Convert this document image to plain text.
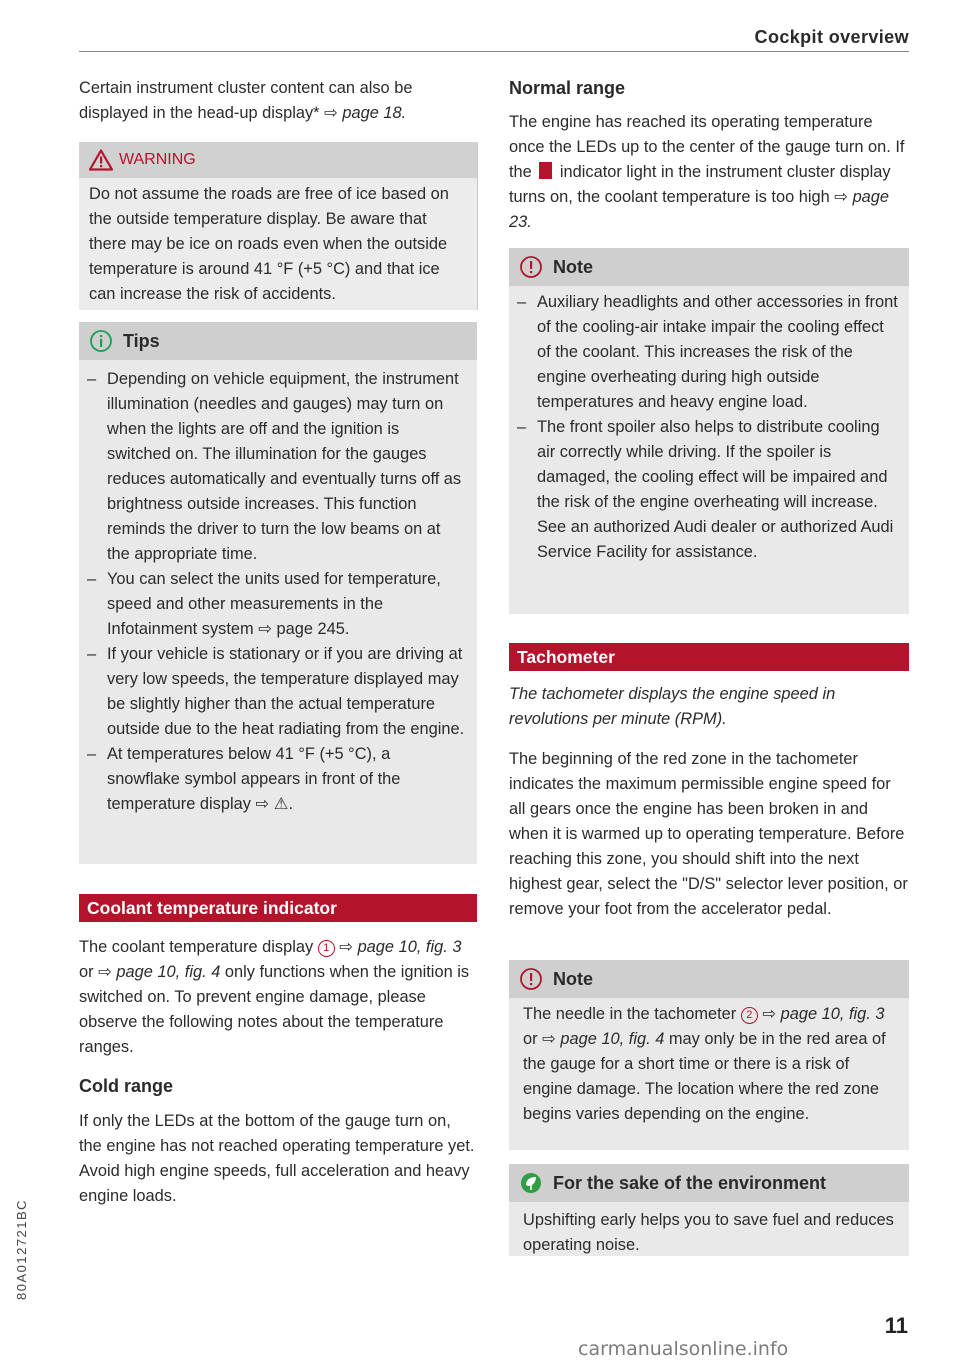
Cockpit overview

Certain instrument cluster content can also be displayed in the head-up display* ⇨ page 18.

WARNING

Do not assume the roads are free of ice based on the outside temperature display. Be aware that there may be ice on roads even when the outside temperature is around 41 °F (+5 °C) and that ice can increase the risk of accidents.

Tips
– Depending on vehicle equipment, the instrument illumination (needles and gauges) may turn on when the lights are off and the ignition is switched on. The illumination for the gauges reduces automatically and eventually turns off as brightness outside increases. This function reminds the driver to turn the low beams on at the appropriate time.
– You can select the units used for temperature, speed and other measurements in the Infotainment system ⇨ page 245.
– If your vehicle is stationary or if you are driving at very low speeds, the temperature displayed may be slightly higher than the actual temperature outside due to the heat radiating from the engine.
– At temperatures below 41 °F (+5 °C), a snowflake symbol appears in front of the temperature display ⇨ ⚠.
Coolant temperature indicator

The coolant temperature display 1 ⇨ page 10, fig. 3 or ⇨ page 10, fig. 4 only functions when the ignition is switched on. To prevent engine damage, please observe the following notes about the temperature ranges.

Cold range

If only the LEDs at the bottom of the gauge turn on, the engine has not reached operating temperature yet. Avoid high engine speeds, full acceleration and heavy engine loads.

Normal range

The engine has reached its operating temperature once the LEDs up to the center of the gauge turn on. If the  indicator light in the instrument cluster display turns on, the coolant temperature is too high ⇨ page 23.

Note
– Auxiliary headlights and other accessories in front of the cooling-air intake impair the cooling effect of the coolant. This increases the risk of the engine overheating during high outside temperatures and heavy engine load.
– The front spoiler also helps to distribute cooling air correctly while driving. If the spoiler is damaged, the cooling effect will be impaired and the risk of the engine overheating will increase. See an authorized Audi dealer or authorized Audi Service Facility for assistance.
Tachometer

The tachometer displays the engine speed in revolutions per minute (RPM).

The beginning of the red zone in the tachometer indicates the maximum permissible engine speed for all gears once the engine has been broken in and when it is warmed up to operating temperature. Before reaching this zone, you should shift into the next highest gear, select the "D/S" selector lever position, or remove your foot from the accelerator pedal.

Note

The needle in the tachometer 2 ⇨ page 10, fig. 3 or ⇨ page 10, fig. 4 may only be in the red area of the gauge for a short time or there is a risk of engine damage. The location where the red zone begins varies depending on the engine.

For the sake of the environment

Upshifting early helps you to save fuel and reduces operating noise.

80A012721BC
11
carmanualsonline.info
